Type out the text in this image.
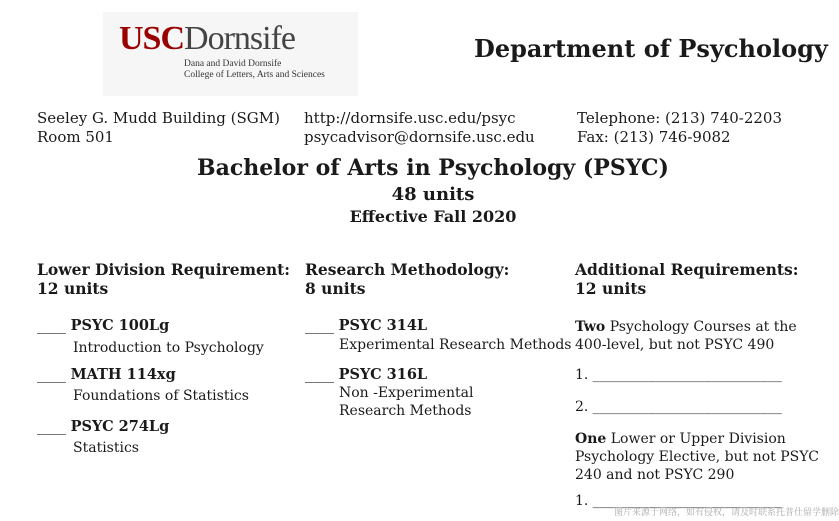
USCDornsife
Dana and David Dornsife
College of Letters, Arts and Sciences
Department of Psychology
Seeley G. Mudd Building (SGM)
Room 501
http://dornsife.usc.edu/psyc
psycadvisor@dornsife.usc.edu
Telephone: (213) 740-2203
Fax: (213) 746-9082
Bachelor of Arts in Psychology (PSYC)
48 units
Effective Fall 2020
Lower Division Requirement:
12 units
____ PSYC 100Lg
Introduction to Psychology
____ MATH 114xg
Foundations of Statistics
____ PSYC 274Lg
Statistics
Research Methodology:
8 units
____ PSYC 314L
Experimental Research Methods
____ PSYC 316L
Non -Experimental Research Methods
Additional Requirements:
12 units
Two Psychology Courses at the 400-level, but not PSYC 490
1. ___________________________
2. ___________________________
One Lower or Upper Division Psychology Elective, but not PSYC 240 and not PSYC 290
1. ___________________________
图片来源于网络，如有侵权，请及时联系托普仕留学删除
